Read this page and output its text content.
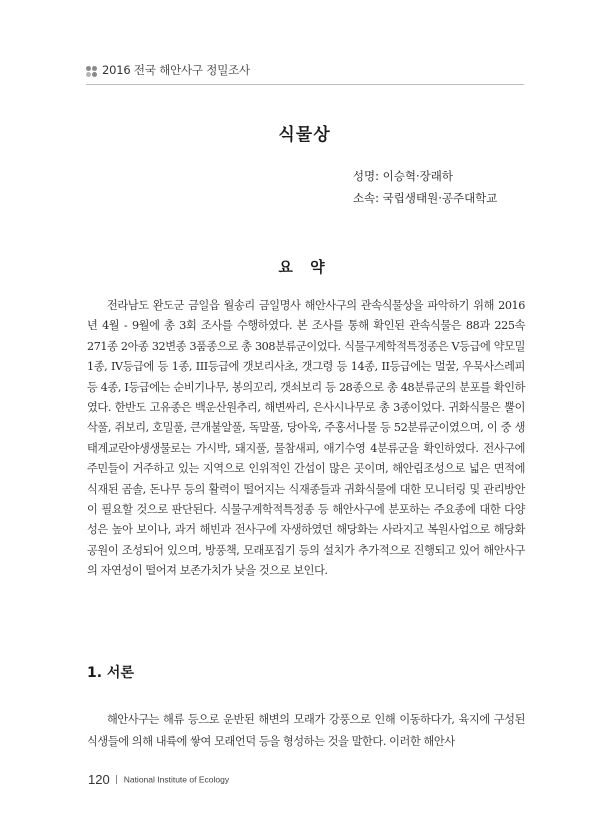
2016 전국 해안사구 정밀조사
식물상
성명: 이승혁·장래하
소속: 국립생태원·공주대학교
요 약

전라남도 완도군 금일읍 월송리 금일명사 해안사구의 관속식물상을 파악하기 위해 2016년 4월 - 9월에 총 3회 조사를 수행하였다. 본 조사를 통해 확인된 관속식물은 88과 225속 271종 2아종 32변종 3품종으로 총 308분류군이었다. 식물구계학적특정종은 V등급에 약모밀 1종, IV등급에 등 1종, III등급에 갯보리사초, 갯그령 등 14종, II등급에는 멀꿀, 우묵사스레피 등 4종, I등급에는 순비기나무, 봉의꼬리, 갯쇠보리 등 28종으로 총 48분류군의 분포를 확인하였다. 한반도 고유종은 백운산원추리, 해변싸리, 은사시나무로 총 3종이었다. 귀화식물은 뿔이삭풀, 쥐보리, 호밀풀, 큰개불알풀, 독말풀, 당아욱, 주홍서나물 등 52분류군이였으며, 이 중 생태계교란야생생물로는 가시박, 돼지풀, 물참새피, 애기수영 4분류군을 확인하였다. 전사구에 주민들이 거주하고 있는 지역으로 인위적인 간섭이 많은 곳이며, 해안림조성으로 넓은 면적에 식재된 곰솔, 돈나무 등의 활력이 떨어지는 식재종들과 귀화식물에 대한 모니터링 및 관리방안이 필요할 것으로 판단된다. 식물구계학적특정종 등 해안사구에 분포하는 주요종에 대한 다양성은 높아 보이나, 과거 해빈과 전사구에 자생하였던 해당화는 사라지고 복원사업으로 해당화공원이 조성되어 있으며, 방풍책, 모래포집기 등의 설치가 추가적으로 진행되고 있어 해안사구의 자연성이 떨어져 보존가치가 낮을 것으로 보인다.

1. 서론

해안사구는 해류 등으로 운반된 해변의 모래가 강풍으로 인해 이동하다가, 육지에 구성된 식생들에 의해 내륙에 쌓여 모래언덕 등을 형성하는 것을 말한다. 이러한 해안사

120 National Institute of Ecology
